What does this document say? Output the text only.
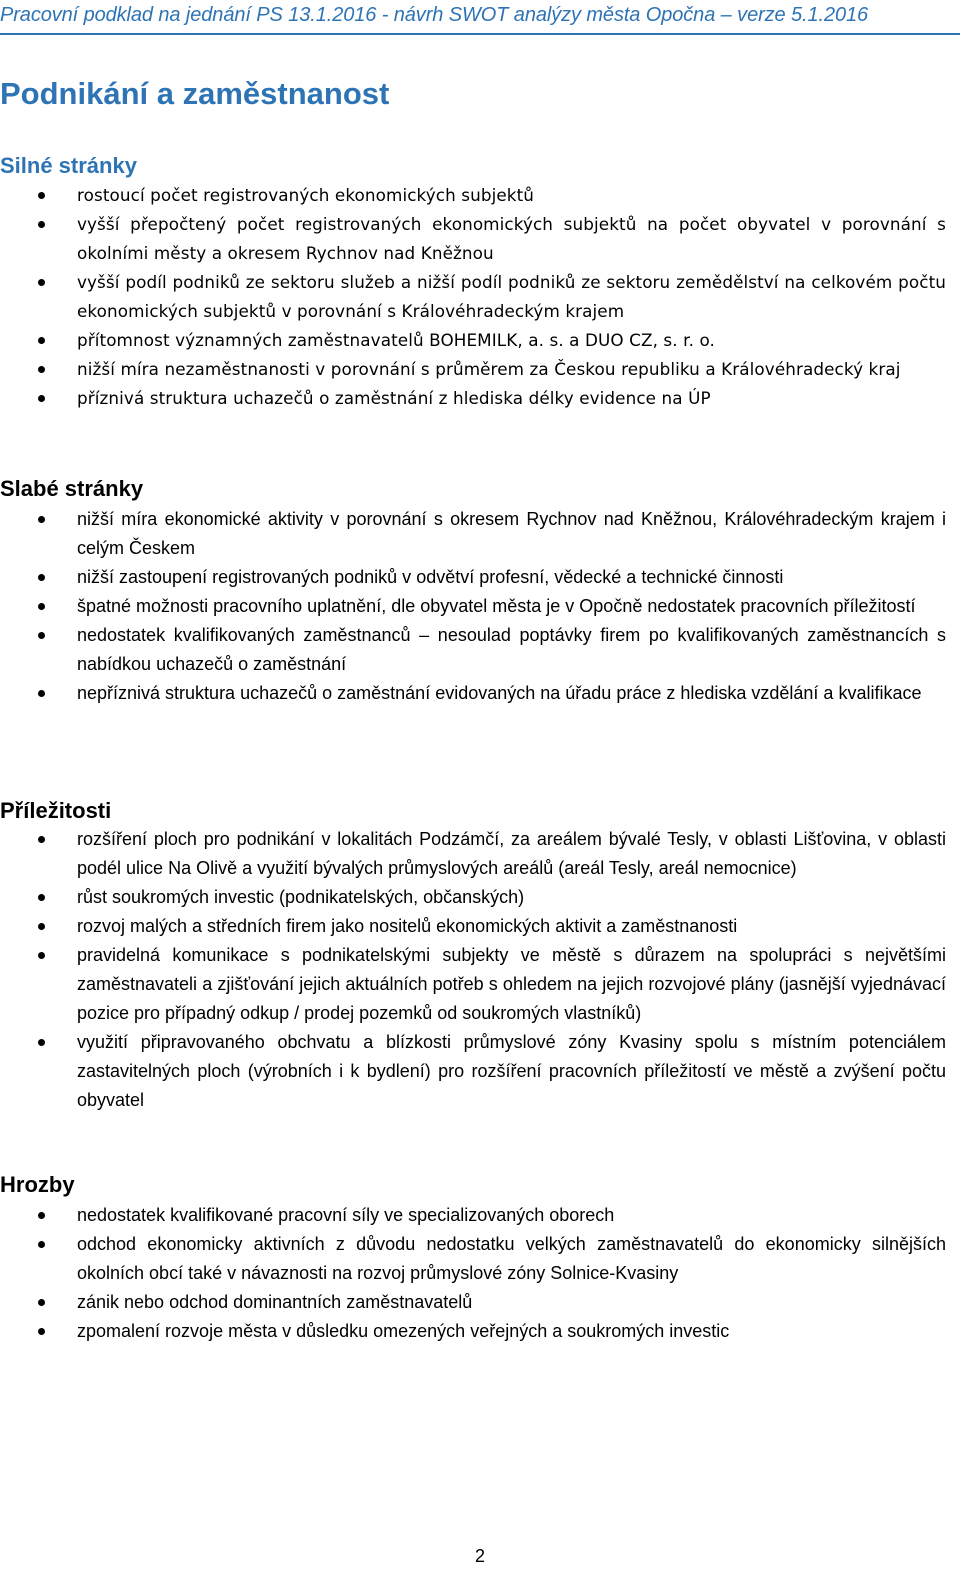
Pracovní podklad na jednání PS 13.1.2016 - návrh SWOT analýzy města Opočna – verze 5.1.2016
Podnikání a zaměstnanost
Silné stránky
rostoucí počet registrovaných ekonomických subjektů
vyšší přepočtený počet registrovaných ekonomických subjektů na počet obyvatel v porovnání s okolními městy a okresem Rychnov nad Kněžnou
vyšší podíl podniků ze sektoru služeb a nižší podíl podniků ze sektoru zemědělství na celkovém počtu ekonomických subjektů v porovnání s Královéhradeckým krajem
přítomnost významných zaměstnavatelů BOHEMILK, a. s. a DUO CZ, s. r. o.
nižší míra nezaměstnanosti v porovnání s průměrem za Českou republiku a Královéhradecký kraj
příznivá struktura uchazečů o zaměstnání z hlediska délky evidence na ÚP
Slabé stránky
nižší míra ekonomické aktivity v porovnání s okresem Rychnov nad Kněžnou, Královéhradeckým krajem i celým Českem
nižší zastoupení registrovaných podniků v odvětví profesní, vědecké a technické činnosti
špatné možnosti pracovního uplatnění, dle obyvatel města je v Opočně nedostatek pracovních příležitostí
nedostatek kvalifikovaných zaměstnanců – nesoulad poptávky firem po kvalifikovaných zaměstnancích s nabídkou uchazečů o zaměstnání
nepříznivá struktura uchazečů o zaměstnání evidovaných na úřadu práce z hlediska vzdělání a kvalifikace
Příležitosti
rozšíření ploch pro podnikání v lokalitách Podzámčí, za areálem bývalé Tesly, v oblasti Lišťovina, v oblasti podél ulice Na Olivě a využití bývalých průmyslových areálů (areál Tesly, areál nemocnice)
růst soukromých investic (podnikatelských, občanských)
rozvoj malých a středních firem jako nositelů ekonomických aktivit a zaměstnanosti
pravidelná komunikace s podnikatelskými subjekty ve městě s důrazem na spolupráci s největšími zaměstnavateli a zjišťování jejich aktuálních potřeb s ohledem na jejich rozvojové plány (jasnější vyjednávací pozice pro případný odkup / prodej pozemků od soukromých vlastníků)
využití připravovaného obchvatu a blízkosti průmyslové zóny Kvasiny spolu s místním potenciálem zastavitelných ploch (výrobních i k bydlení) pro rozšíření pracovních příležitostí ve městě a zvýšení počtu obyvatel
Hrozby
nedostatek kvalifikované pracovní síly ve specializovaných oborech
odchod ekonomicky aktivních z důvodu nedostatku velkých zaměstnavatelů do ekonomicky silnějších okolních obcí také v návaznosti na rozvoj průmyslové zóny Solnice-Kvasiny
zánik nebo odchod dominantních zaměstnavatelů
zpomalení rozvoje města v důsledku omezených veřejných a soukromých investic
2
